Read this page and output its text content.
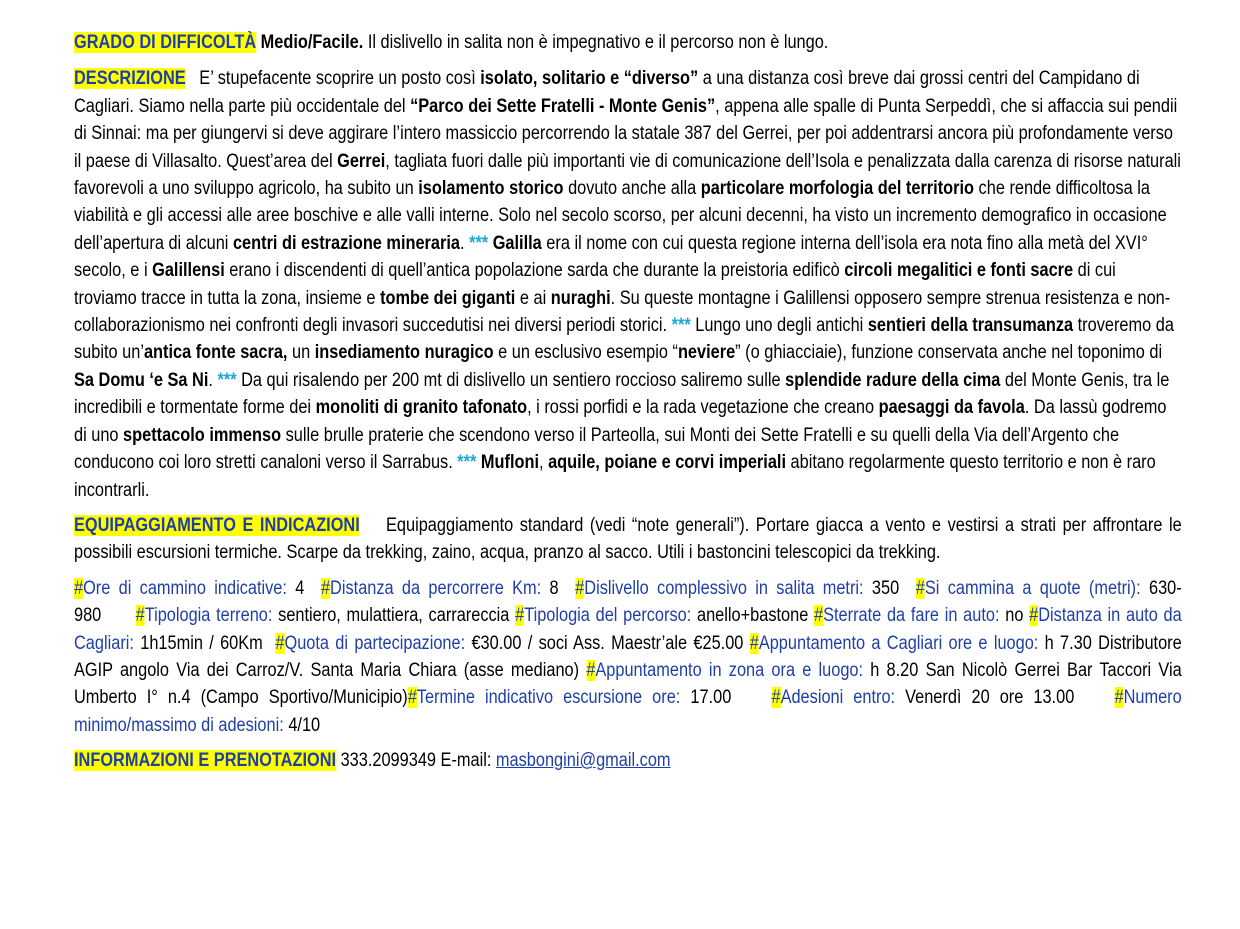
GRADO DI DIFFICOLTÀ Medio/Facile. Il dislivello in salita non è impegnativo e il percorso non è lungo.

DESCRIZIONE E’ stupefacente scoprire un posto così isolato, solitario e “diverso” a una distanza così breve dai grossi centri del Campidano di Cagliari. Siamo nella parte più occidentale del “Parco dei Sette Fratelli - Monte Genis”, appena alle spalle di Punta Serpeddì, che si affaccia sui pendii di Sinnai: ma per giungervi si deve aggirare l’intero massiccio percorrendo la statale 387 del Gerrei, per poi addentrarsi ancora più profondamente verso il paese di Villasalto. Quest’area del Gerrei, tagliata fuori dalle più importanti vie di comunicazione dell’Isola e penalizzata dalla carenza di risorse naturali favorevoli a uno sviluppo agricolo, ha subito un isolamento storico dovuto anche alla particolare morfologia del territorio che rende difficoltosa la viabilità e gli accessi alle aree boschive e alle valli interne. Solo nel secolo scorso, per alcuni decenni, ha visto un incremento demografico in occasione dell’apertura di alcuni centri di estrazione mineraria. *** Galilla era il nome con cui questa regione interna dell’isola era nota fino alla metà del XVI° secolo, e i Galillensi erano i discendenti di quell’antica popolazione sarda che durante la preistoria edificò circoli megalitici e fonti sacre di cui troviamo tracce in tutta la zona, insieme e tombe dei giganti e ai nuraghi. Su queste montagne i Galillensi opposero sempre strenua resistenza e non-collaborazionismo nei confronti degli invasori succedutisi nei diversi periodi storici. *** Lungo uno degli antichi sentieri della transumanza troveremo da subito un’antica fonte sacra, un insediamento nuragico e un esclusivo esempio “neviere” (o ghiacciaie), funzione conservata anche nel toponimo di Sa Domu ‘e Sa Ni. *** Da qui risalendo per 200 mt di dislivello un sentiero roccioso saliremo sulle splendide radure della cima del Monte Genis, tra le incredibili e tormentate forme dei monoliti di granito tafonato, i rossi porfidi e la rada vegetazione che creano paesaggi da favola. Da lassù godremo di uno spettacolo immenso sulle brulle praterie che scendono verso il Parteolla, sui Monti dei Sette Fratelli e su quelli della Via dell’Argento che conducono coi loro stretti canaloni verso il Sarrabus. *** Mufloni, aquile, poiane e corvi imperiali abitano regolarmente questo territorio e non è raro incontrarli.

EQUIPAGGIAMENTO E INDICAZIONI Equipaggiamento standard (vedi “note generali”). Portare giacca a vento e vestirsi a strati per affrontare le possibili escursioni termiche. Scarpe da trekking, zaino, acqua, pranzo al sacco. Utili i bastoncini telescopici da trekking.

#Ore di cammino indicative: 4 #Distanza da percorrere Km: 8 #Dislivello complessivo in salita metri: 350 #Si cammina a quote (metri): 630-980 #Tipologia terreno: sentiero, mulattiera, carrareccia #Tipologia del percorso: anello+bastone #Sterrate da fare in auto: no #Distanza in auto da Cagliari: 1h15min / 60Km #Quota di partecipazione: €30.00 / soci Ass. Maestr’ale €25.00 #Appuntamento a Cagliari ore e luogo: h 7.30 Distributore AGIP angolo Via dei Carroz/V. Santa Maria Chiara (asse mediano) #Appuntamento in zona ora e luogo: h 8.20 San Nicolò Gerrei Bar Taccori Via Umberto I° n.4 (Campo Sportivo/Municipio)#Termine indicativo escursione ore: 17.00 #Adesioni entro: Venerdì 20 ore 13.00 #Numero minimo/massimo di adesioni: 4/10

INFORMAZIONI E PRENOTAZIONI 333.2099349 E-mail: masbongini@gmail.com
